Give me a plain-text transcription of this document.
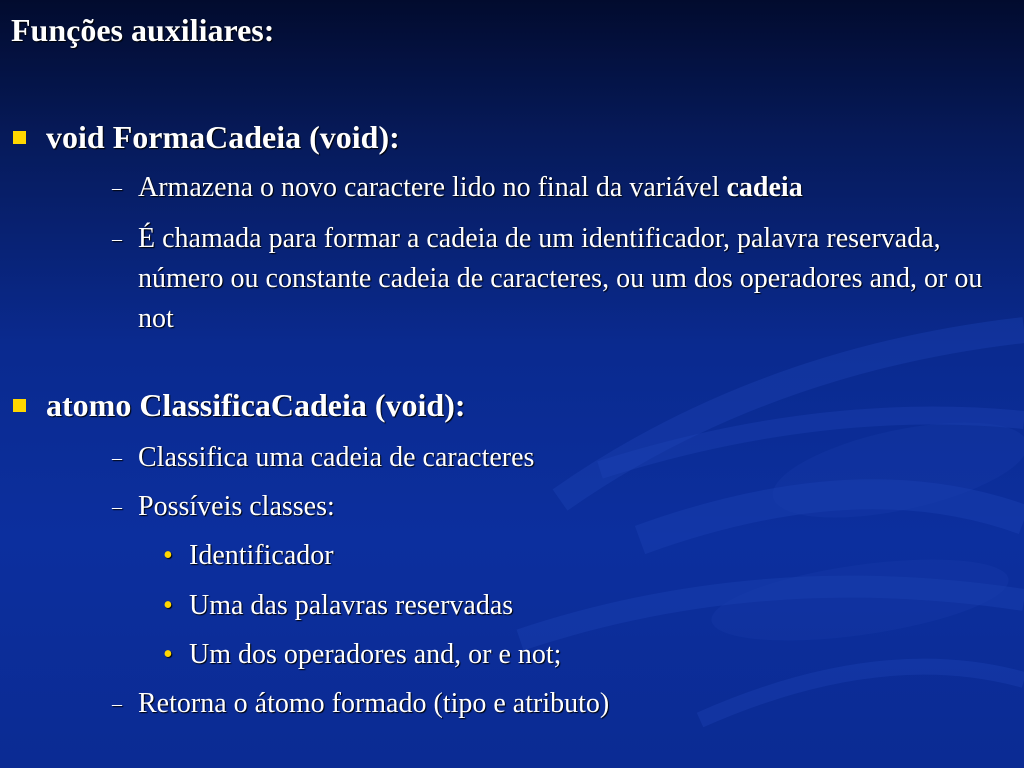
Funções auxiliares:
void FormaCadeia (void):
– Armazena o novo caractere lido no final da variável cadeia
– É chamada para formar a cadeia de um identificador, palavra reservada, número ou constante cadeia de caracteres, ou um dos operadores and, or ou not
atomo ClassificaCadeia (void):
– Classifica uma cadeia de caracteres
– Possíveis classes:
• Identificador
• Uma das palavras reservadas
• Um dos operadores and, or e not;
– Retorna o átomo formado (tipo e atributo)
